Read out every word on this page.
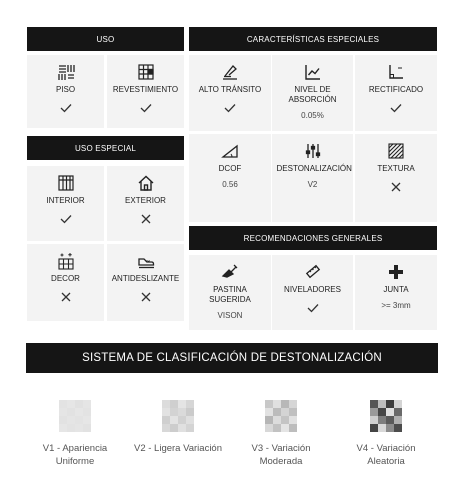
USO
PISO	REVESTIMIENTO
USO ESPECIAL
INTERIOR	EXTERIOR
DECOR	ANTIDESLIZANTE
CARACTERÍSTICAS ESPECIALES
ALTO TRÁNSITO	NIVEL DE ABSORCIÓN
0.05%
RECTIFICADO
DCOF
0.56
DESTONALIZACIÓN
V2
TEXTURA
RECOMENDACIONES GENERALES
PASTINA SUGERIDA
VISON
NIVELADORES	JUNTA
>= 3mm
SISTEMA DE CLASIFICACIÓN DE DESTONALIZACIÓN
V1 - Apariencia Uniforme
V2 - Ligera Variación	V3 - Variación Moderada
V4 - Variación Aleatoria
